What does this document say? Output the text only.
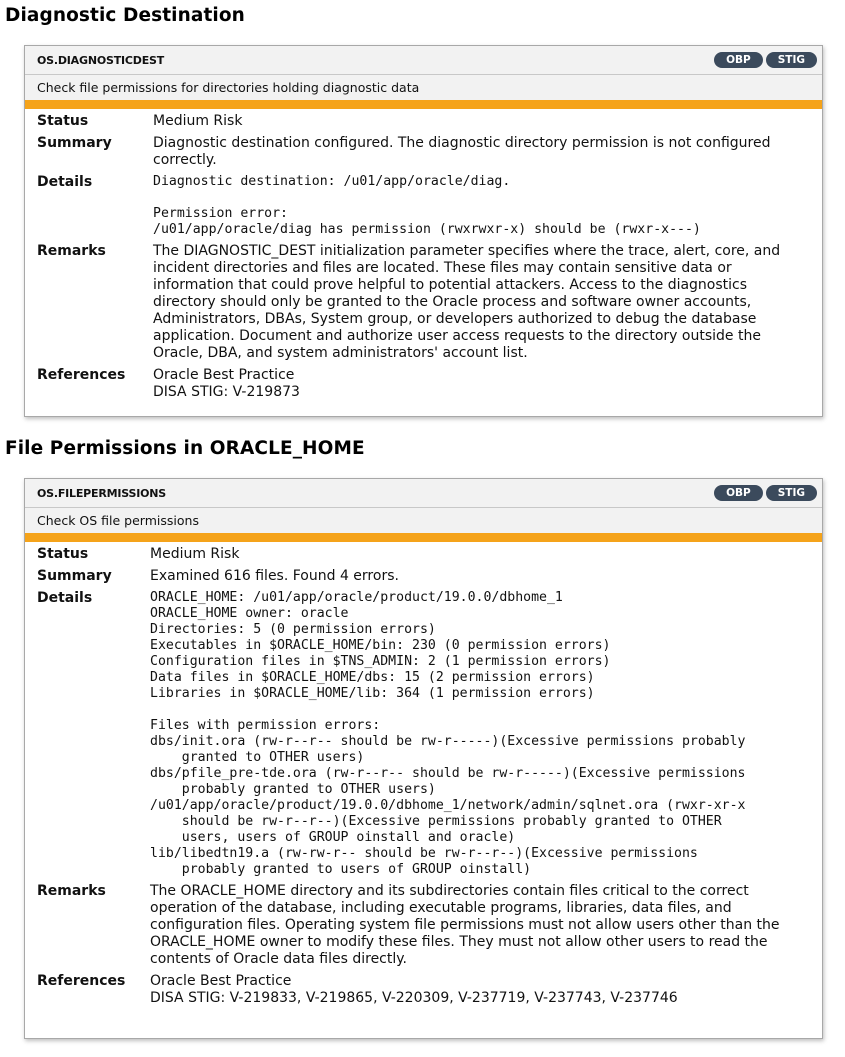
Diagnostic Destination
OS.DIAGNOSTICDEST	OBP	STIG
Check file permissions for directories holding diagnostic data
Status	Medium Risk
Summary	Diagnostic destination configured. The diagnostic directory permission is not configured correctly.
Details	Diagnostic destination: /u01/app/oracle/diag.

Permission error:
/u01/app/oracle/diag has permission (rwxrwxr-x) should be (rwxr-x---)
Remarks	The DIAGNOSTIC_DEST initialization parameter specifies where the trace, alert, core, and incident directories and files are located. These files may contain sensitive data or information that could prove helpful to potential attackers. Access to the diagnostics directory should only be granted to the Oracle process and software owner accounts, Administrators, DBAs, System group, or developers authorized to debug the database application. Document and authorize user access requests to the directory outside the Oracle, DBA, and system administrators' account list.
References	Oracle Best Practice
DISA STIG: V-219873
File Permissions in ORACLE_HOME
OS.FILEPERMISSIONS	OBP	STIG
Check OS file permissions
Status	Medium Risk
Summary	Examined 616 files. Found 4 errors.
Details	ORACLE_HOME: /u01/app/oracle/product/19.0.0/dbhome_1
ORACLE_HOME owner: oracle
Directories: 5 (0 permission errors)
Executables in $ORACLE_HOME/bin: 230 (0 permission errors)
Configuration files in $TNS_ADMIN: 2 (1 permission errors)
Data files in $ORACLE_HOME/dbs: 15 (2 permission errors)
Libraries in $ORACLE_HOME/lib: 364 (1 permission errors)

Files with permission errors:
dbs/init.ora (rw-r--r-- should be rw-r-----)(Excessive permissions probably
granted to OTHER users)
dbs/pfile_pre-tde.ora (rw-r--r-- should be rw-r-----)(Excessive permissions
probably granted to OTHER users)
/u01/app/oracle/product/19.0.0/dbhome_1/network/admin/sqlnet.ora (rwxr-xr-x
should be rw-r--r--)(Excessive permissions probably granted to OTHER
users, users of GROUP oinstall and oracle)
lib/libedtn19.a (rw-rw-r-- should be rw-r--r--)(Excessive permissions
probably granted to users of GROUP oinstall)

Remarks	The ORACLE_HOME directory and its subdirectories contain files critical to the correct operation of the database, including executable programs, libraries, data files, and configuration files. Operating system file permissions must not allow users other than the ORACLE_HOME owner to modify these files. They must not allow other users to read the contents of Oracle data files directly.
References	Oracle Best Practice
DISA STIG: V-219833, V-219865, V-220309, V-237719, V-237743, V-237746
